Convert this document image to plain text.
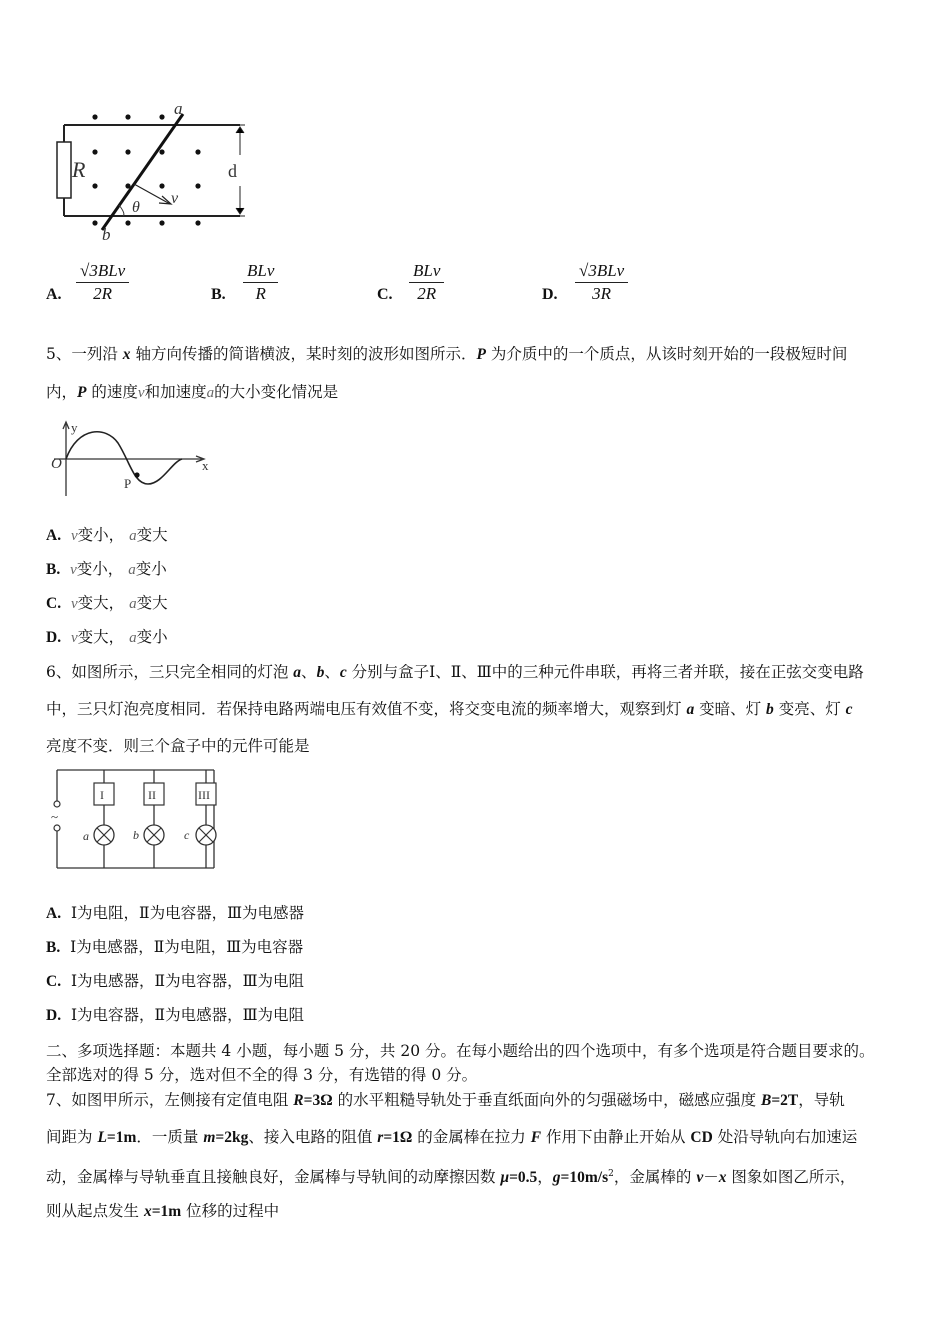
a
b
R	d
θ
v
A.
√3BLv
2R	B.
BLv
R	C.
BLv
2R	D.
√3BLv
3R
5、一列沿 x 轴方向传播的简谐横波，某时刻的波形如图所示．P 为介质中的一个质点，从该时刻开始的一段极短时间
内，P 的速度v和加速度a的大小变化情况是
y
O	x
P
A. v变小， a变大
B. v变小， a变小
C. v变大， a变大
D. v变大， a变小
6、如图所示，三只完全相同的灯泡 a、b、c 分别与盒子Ⅰ、Ⅱ、Ⅲ中的三种元件串联，再将三者并联，接在正弦交变电路
中，三只灯泡亮度相同．若保持电路两端电压有效值不变，将交变电流的频率增大，观察到灯 a 变暗、灯 b 变亮、灯 c
亮度不变．则三个盒子中的元件可能是
~
I	II	III
a	b	c
A. Ⅰ为电阻，Ⅱ为电容器，Ⅲ为电感器
B. Ⅰ为电感器，Ⅱ为电阻，Ⅲ为电容器
C. Ⅰ为电感器，Ⅱ为电容器，Ⅲ为电阻
D. Ⅰ为电容器，Ⅱ为电感器，Ⅲ为电阻
二、多项选择题：本题共 4 小题，每小题 5 分，共 20 分。在每小题给出的四个选项中，有多个选项是符合题目要求的。
全部选对的得 5 分，选对但不全的得 3 分，有选错的得 0 分。
7、如图甲所示，左侧接有定值电阻 R=3Ω 的水平粗糙导轨处于垂直纸面向外的匀强磁场中，磁感应强度 B=2T，导轨
间距为 L=1m．一质量 m=2kg、接入电路的阻值 r=1Ω 的金属棒在拉力 F 作用下由静止开始从 CD 处沿导轨向右加速运
动，金属棒与导轨垂直且接触良好，金属棒与导轨间的动摩擦因数 μ=0.5，$g=10m/s^2$，金属棒的 v－x 图象如图乙所示，
则从起点发生 x=1m 位移的过程中
